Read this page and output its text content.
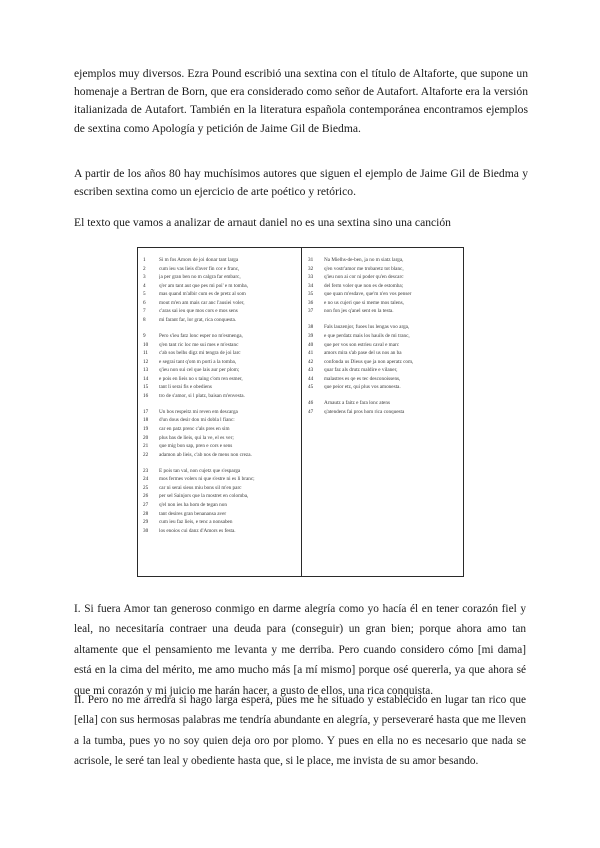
ejemplos muy diversos. Ezra Pound escribió una sextina con el título de Altaforte, que supone un homenaje a Bertran de Born, que era considerado como señor de Autafort. Altaforte era la versión italianizada de Autafort. También en la literatura española contemporánea encontramos ejemplos de sextina como Apología y petición de Jaime Gil de Biedma.

A partir de los años 80 hay muchísimos autores que siguen el ejemplo de Jaime Gil de Biedma y escriben sextina como un ejercicio de arte poético y retórico.

El texto que vamos a analizar de arnaut daniel no es una sextina sino una canción

1	Si m fos Amors de joi donar tant larga
2	cum ieu vas lieis d'aver fin cor e franc,
3	ja per gran ben no m calgra far embarc,
4	q'er am tant aut que pes mi poi' e m tomba,
5	mas quand m'albir cum es de pretz al som
6	mout m'en am mais car anc l'ausiei voler,
7	c'aras sai ieu que mos cors e mos sens
8	mi farant far, lor grat, rica conquesta.
9	Pero s'ieu fatz lonc esper no m'esmenga,
10	q'en tant ric loc me sui mes e m'estanc
11	c'ab sos belhs digz mi tengra de joi larc
12	e segrai tant q'om m porti a la tomba,
13	q'ieu non sui cel que lais aur per plom;
14	e pois en lieis no s taing c'om ren esmer,
15	tant li serai fis e obediens
16	tro de s'amor, si l platz, baisan m'envesta.
17	Un bos respeitz mi reven em descarga
18	d'un dous desir don mi dobla l fianc:
19	car en patz prenc c'als pres en sim
20	plus bas de lieis, qui la ve, el es ver;
21	que mig bon sap, pren e cors e sens
22	adamon ab lieis, c'ab nos de mens non creza.
23	E pois tan val, non cujetz que s'esparga
24	mos fermes volers ni que s'estre ni es li branc;
25	car ni serai sieus miu bons sil m'en parc
26	per sel Sainjors que la mostret en colomba,
27	q'el non ies ha hom de tegan non
28	tant desires gran benanansa aver
29	cum ieu faz lieis, e tenc a nonsaben
30	los enoios cui danz d'Amors es festa.
31	Na Mielhs-de-ben, ja no m siatz larga,
32	q'en vostr'amor me trobaretz tot blanc,
33	q'ieu non ai cor ni poder qu'en descarc
34	del ferm voler que non es de estomba;
35	que quan m'esdave, que'm n'en vos penser
36	e no us cujeri que si meme mos talens,
37	non fon jes q'anel sent en la testa.
38	Fals lauzenjor, fuoes lus lengas voo arga,
39	e que perdatz mais los hauils de mi tranc,
40	que per vos son estrieu caval e marc
41	amors mira s'ab pase del us nos an ba
42	confonda us Dieus que ja non aperatz com,
43	quar faz als drutz maldire e vilaner,
44	malastres es qe es tec desconoissens,
45	que peior etz, qui plus vos amonesta.
46	Arnautz a faitz e fara lonc atens
47	q'atendens fai pros hom rica conquesta

I. Si fuera Amor tan generoso conmigo en darme alegría como yo hacía él en tener corazón fiel y leal, no necesitaría contraer una deuda para (conseguir) un gran bien; porque ahora amo tan altamente que el pensamiento me levanta y me derriba. Pero cuando considero cómo [mi dama] está en la cima del mérito, me amo mucho más [a mí mismo] porque osé quererla, ya que ahora sé que mi corazón y mi juicio me harán hacer, a gusto de ellos, una rica conquista.

II. Pero no me arredra si hago larga espera, pues me he situado y establecido en lugar tan rico que [ella] con sus hermosas palabras me tendría abundante en alegría, y perseveraré hasta que me lleven a la tumba, pues yo no soy quien deja oro por plomo. Y pues en ella no es necesario que nada se acrisole, le seré tan leal y obediente hasta que, si le place, me invista de su amor besando.
